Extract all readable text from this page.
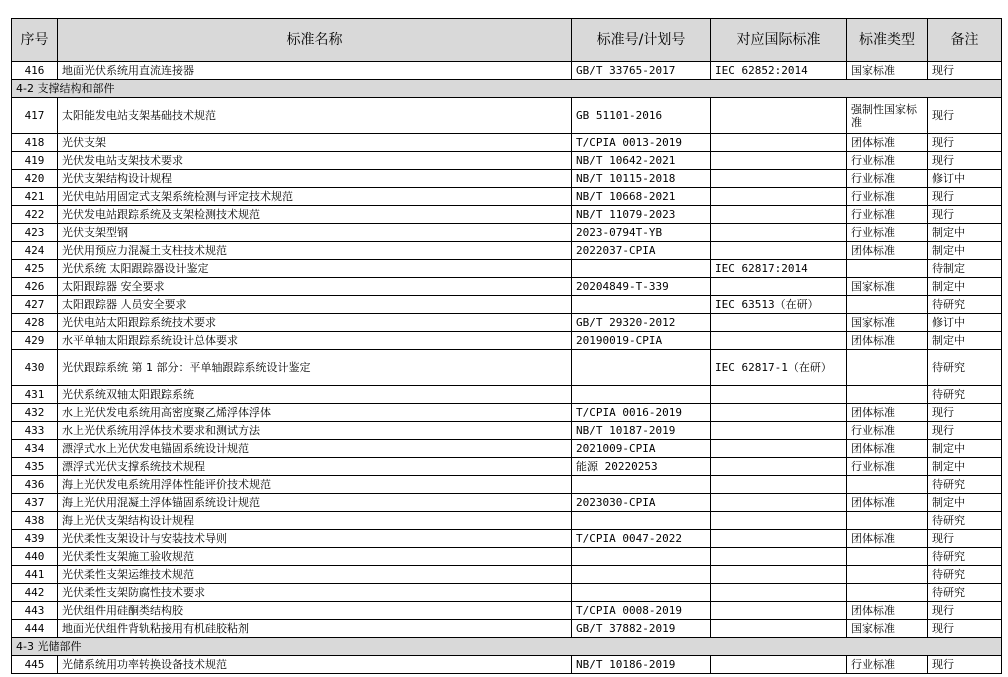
序号	标准名称	标准号/计划号	对应国际标准	标准类型	备注
416	地面光伏系统用直流连接器	GB/T 33765-2017	IEC 62852:2014	国家标准	现行
4-2 支撑结构和部件					
417	太阳能发电站支架基础技术规范	GB 51101-2016		强制性国家标准	现行
418	光伏支架	T/CPIA 0013-2019		团体标准	现行
419	光伏发电站支架技术要求	NB/T 10642-2021		行业标准	现行
420	光伏支架结构设计规程	NB/T 10115-2018		行业标准	修订中
421	光伏电站用固定式支架系统检测与评定技术规范	NB/T 10668-2021		行业标准	现行
422	光伏发电站跟踪系统及支架检测技术规范	NB/T 11079-2023		行业标准	现行
423	光伏支架型钢	2023-0794T-YB		行业标准	制定中
424	光伏用预应力混凝土支柱技术规范	2022037-CPIA		团体标准	制定中
425	光伏系统 太阳跟踪器设计鉴定		IEC 62817:2014		待制定
426	太阳跟踪器 安全要求	20204849-T-339		国家标准	制定中
427	太阳跟踪器 人员安全要求		IEC 63513（在研）		待研究
428	光伏电站太阳跟踪系统技术要求	GB/T 29320-2012		国家标准	修订中
429	水平单轴太阳跟踪系统设计总体要求	20190019-CPIA		团体标准	制定中
430	光伏跟踪系统 第 1 部分：平单轴跟踪系统设计鉴定		IEC 62817-1（在研）		待研究
431	光伏系统双轴太阳跟踪系统				待研究
432	水上光伏发电系统用高密度聚乙烯浮体浮体	T/CPIA 0016-2019		团体标准	现行
433	水上光伏系统用浮体技术要求和测试方法	NB/T 10187-2019		行业标准	现行
434	漂浮式水上光伏发电锚固系统设计规范	2021009-CPIA		团体标准	制定中
435	漂浮式光伏支撑系统技术规程	能源 20220253		行业标准	制定中
436	海上光伏发电系统用浮体性能评价技术规范				待研究
437	海上光伏用混凝土浮体锚固系统设计规范	2023030-CPIA		团体标准	制定中
438	海上光伏支架结构设计规程				待研究
439	光伏柔性支架设计与安装技术导则	T/CPIA 0047-2022		团体标准	现行
440	光伏柔性支架施工验收规范				待研究
441	光伏柔性支架运维技术规范				待研究
442	光伏柔性支架防腐性技术要求				待研究
443	光伏组件用硅酮类结构胶	T/CPIA 0008-2019		团体标准	现行
444	地面光伏组件背轨粘接用有机硅胶粘剂	GB/T 37882-2019		国家标准	现行
4-3 光储部件					
445	光储系统用功率转换设备技术规范	NB/T 10186-2019		行业标准	现行
